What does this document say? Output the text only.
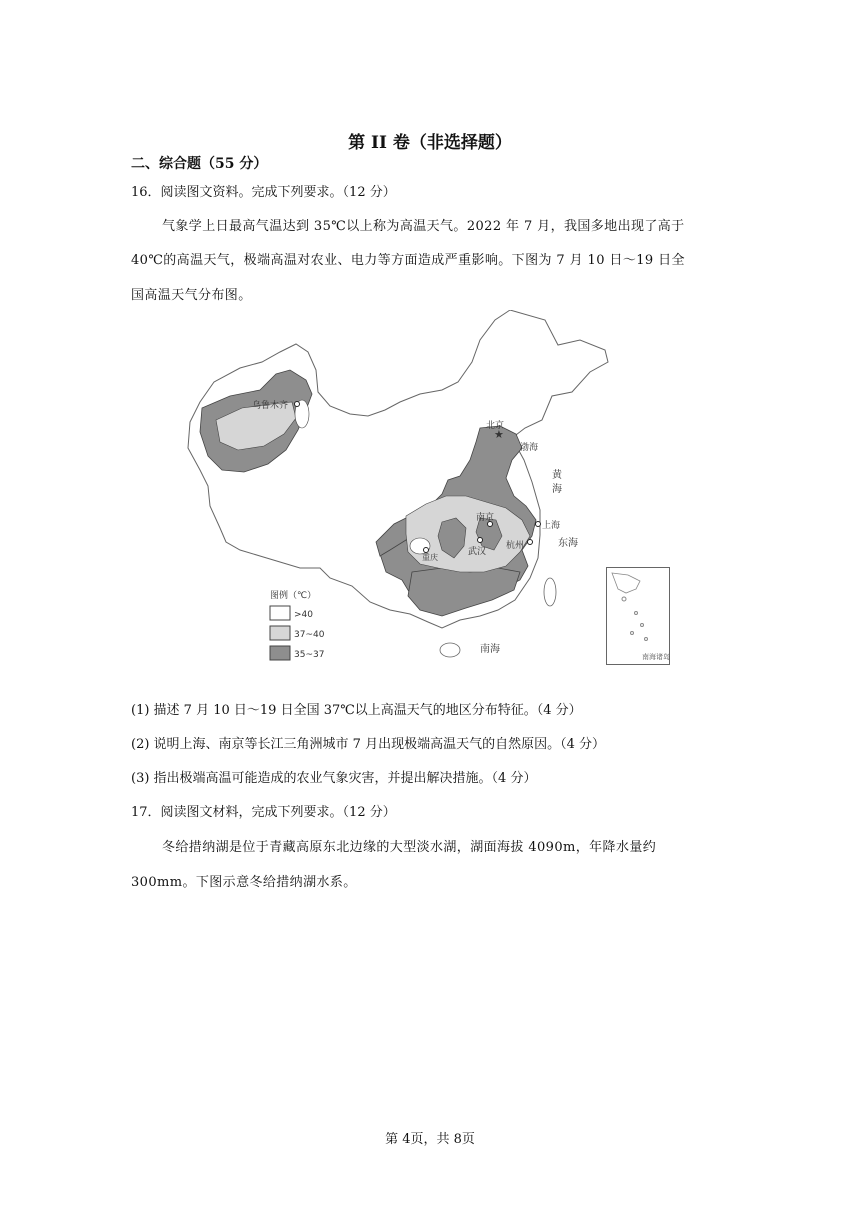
第 II 卷（非选择题）
二、综合题（55 分）
16．阅读图文资料。完成下列要求。（12 分）
气象学上日最高气温达到 35℃以上称为高温天气。2022 年 7 月，我国多地出现了高于
40℃的高温天气，极端高温对农业、电力等方面造成严重影响。下图为 7 月 10 日～19 日全
国高温天气分布图。
乌鲁木齐
★
北京
南京
上海
武汉
杭州
重庆
渤海
黄
海
东海
南海
图例（℃）
>40
37~40
35~37	南海诸岛
(1) 描述 7 月 10 日～19 日全国 37℃以上高温天气的地区分布特征。（4 分）
(2) 说明上海、南京等长江三角洲城市 7 月出现极端高温天气的自然原因。（4 分）
(3) 指出极端高温可能造成的农业气象灾害，并提出解决措施。（4 分）
17．阅读图文材料，完成下列要求。（12 分）
冬给措纳湖是位于青藏高原东北边缘的大型淡水湖，湖面海拔 4090m，年降水量约
300mm。下图示意冬给措纳湖水系。
第 4页，共 8页
